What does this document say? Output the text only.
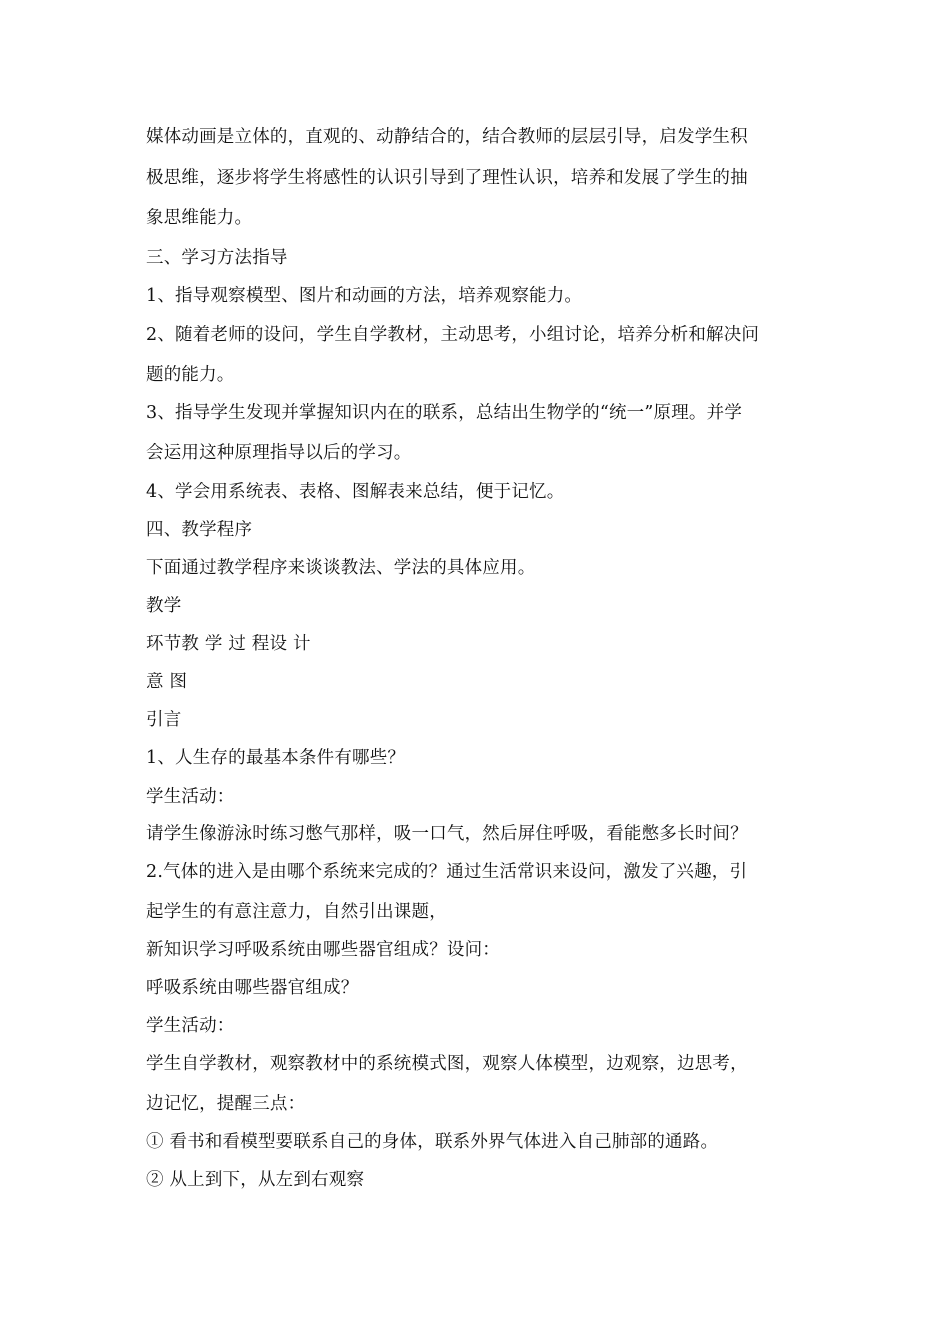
媒体动画是立体的，直观的、动静结合的，结合教师的层层引导，启发学生积
极思维，逐步将学生将感性的认识引导到了理性认识，培养和发展了学生的抽
象思维能力。
三、学习方法指导
1、指导观察模型、图片和动画的方法，培养观察能力。
2、随着老师的设问，学生自学教材，主动思考，小组讨论，培养分析和解决问
题的能力。
3、指导学生发现并掌握知识内在的联系，总结出生物学的“统一”原理。并学
会运用这种原理指导以后的学习。
4、学会用系统表、表格、图解表来总结，便于记忆。
四、教学程序
下面通过教学程序来谈谈教法、学法的具体应用。
教学
环节教 学 过 程设 计
意 图
引言
1、人生存的最基本条件有哪些？
学生活动：
请学生像游泳时练习憋气那样，吸一口气，然后屏住呼吸，看能憋多长时间？
2.气体的进入是由哪个系统来完成的？通过生活常识来设问，激发了兴趣，引
起学生的有意注意力，自然引出课题，
新知识学习呼吸系统由哪些器官组成？设问：
呼吸系统由哪些器官组成？
学生活动：
学生自学教材，观察教材中的系统模式图，观察人体模型，边观察，边思考，
边记忆，提醒三点：
① 看书和看模型要联系自己的身体，联系外界气体进入自己肺部的通路。
② 从上到下，从左到右观察
